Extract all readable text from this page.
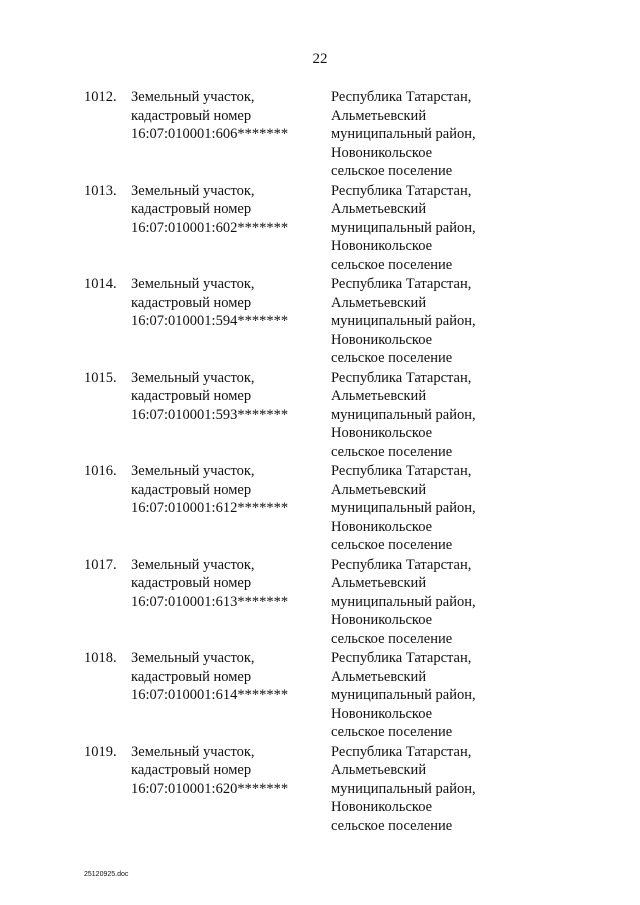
22
1012. Земельный участок,
кадастровый номер
16:07:010001:606*******
Республика Татарстан,
Альметьевский
муниципальный район,
Новоникольское
сельское поселение
1013. Земельный участок,
кадастровый номер
16:07:010001:602*******
Республика Татарстан,
Альметьевский
муниципальный район,
Новоникольское
сельское поселение
1014. Земельный участок,
кадастровый номер
16:07:010001:594*******
Республика Татарстан,
Альметьевский
муниципальный район,
Новоникольское
сельское поселение
1015. Земельный участок,
кадастровый номер
16:07:010001:593*******
Республика Татарстан,
Альметьевский
муниципальный район,
Новоникольское
сельское поселение
1016. Земельный участок,
кадастровый номер
16:07:010001:612*******
Республика Татарстан,
Альметьевский
муниципальный район,
Новоникольское
сельское поселение
1017. Земельный участок,
кадастровый номер
16:07:010001:613*******
Республика Татарстан,
Альметьевский
муниципальный район,
Новоникольское
сельское поселение
1018. Земельный участок,
кадастровый номер
16:07:010001:614*******
Республика Татарстан,
Альметьевский
муниципальный район,
Новоникольское
сельское поселение
1019. Земельный участок,
кадастровый номер
16:07:010001:620*******
Республика Татарстан,
Альметьевский
муниципальный район,
Новоникольское
сельское поселение
25120925.doc
